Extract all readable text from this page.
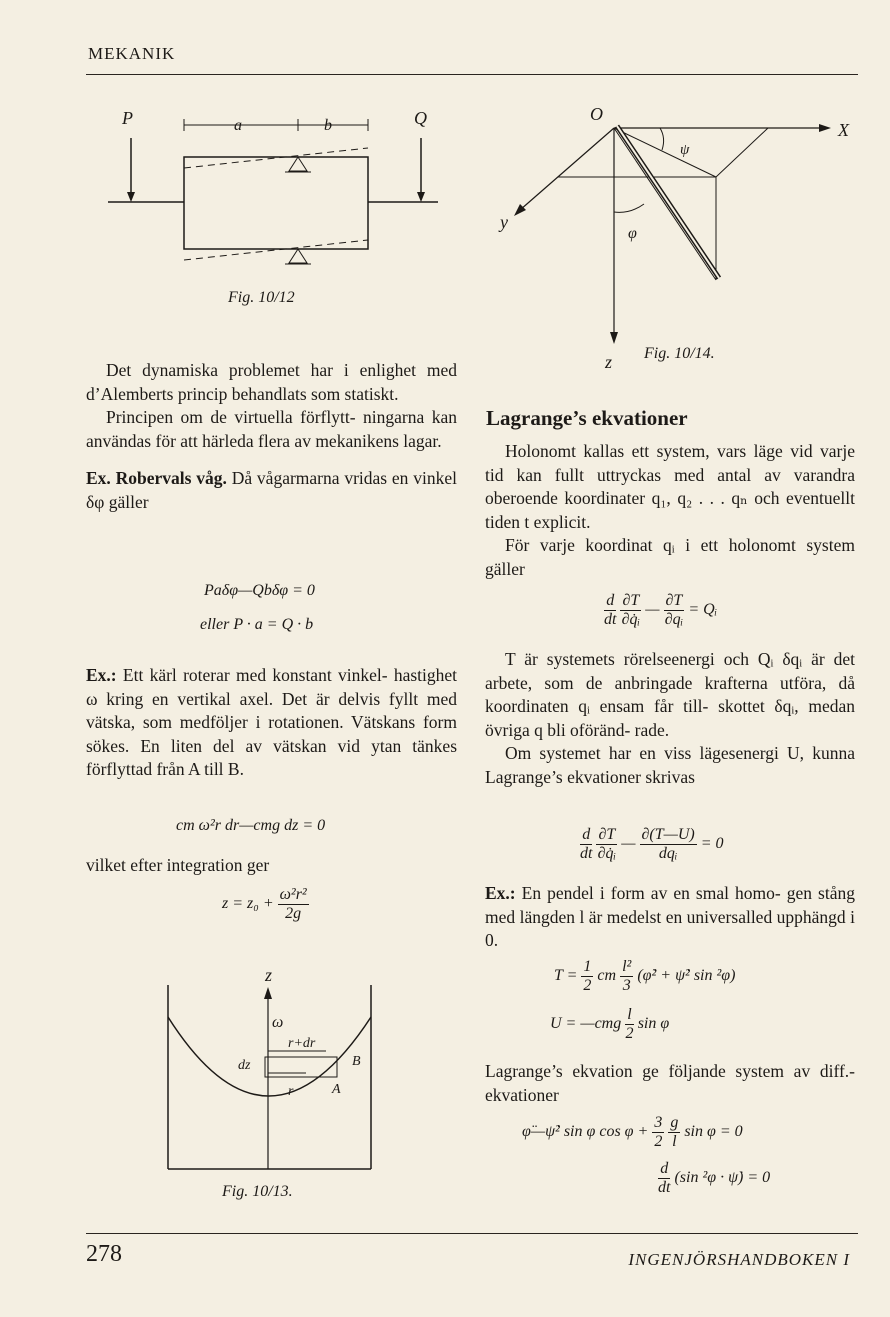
MEKANIK
P	a	b	Q
Fig. 10/12

Det dynamiska problemet har i enlighet med d’Alemberts princip behandlats som statiskt.

Principen om de virtuella förflytt- ningarna kan användas för att härleda flera av mekanikens lagar.

Ex. Robervals våg. Då vågarmarna vridas en vinkel δφ gäller

Paδφ—Qbδφ = 0
eller P · a = Q · b

Ex.: Ett kärl roterar med konstant vinkel- hastighet ω kring en vertikal axel. Det är delvis fyllt med vätska, som medföljer i rotationen. Vätskans form sökes. En liten del av vätskan vid ytan tänkes förflyttad från A till B.

cm ω²r dr—cmg dz = 0

vilket efter integration ger

$z = z_0 + \frac{\text{ω²r²}}{2g}$
z
ω
r+dr
dz
r
B
A
Fig. 10/13.
O
X
y
z
ψ
φ
Fig. 10/14.
Lagrange’s ekvationer

Holonomt kallas ett system, vars läge vid varje tid kan fullt uttryckas med antal av varandra oberoende koordinater q₁, q₂ . . . qₙ och eventuellt tiden t explicit.

För varje koordinat qᵢ i ett holonomt system gäller

$\frac{d}{dt}$
$\frac{\partial T}{\text{∂q̇ᵢ}}$ — $\frac{\partial T}{\text{∂qᵢ}}$ = Qᵢ

T är systemets rörelseenergi och Qᵢ δqᵢ är det arbete, som de anbringade krafterna utföra, då koordinaten qᵢ ensam får till- skottet δqᵢ, medan övriga q bli oföränd- rade.

Om systemet har en viss lägesenergi U, kunna Lagrange’s ekvationer skrivas

$\frac{d}{dt}$
$\frac{\partial T}{\text{∂q̇ᵢ}}$ — $\frac{\partial(T—U)}{\text{dqᵢ}} = 0$

Ex.: En pendel i form av en smal homo- gen stång med längden l är medelst en universalled upphängd i 0.

$T = \frac{1}{2}$ cm $\frac{\text{l²}}{3}$ (φ̇² + ψ̇² sin ²φ)
U = —cmg $\frac{l}{2}$ sin φ

Lagrange’s ekvation ge följande system av diff.-ekvationer

φ̈—ψ̇² sin φ $\cos \varphi + \frac{3}{2}$
$\frac{g}{l}$ sin φ = 0
$\frac{d}{dt} (\sin$ ²φ · ψ̇) = 0
278	INGENJÖRSHANDBOKEN I
